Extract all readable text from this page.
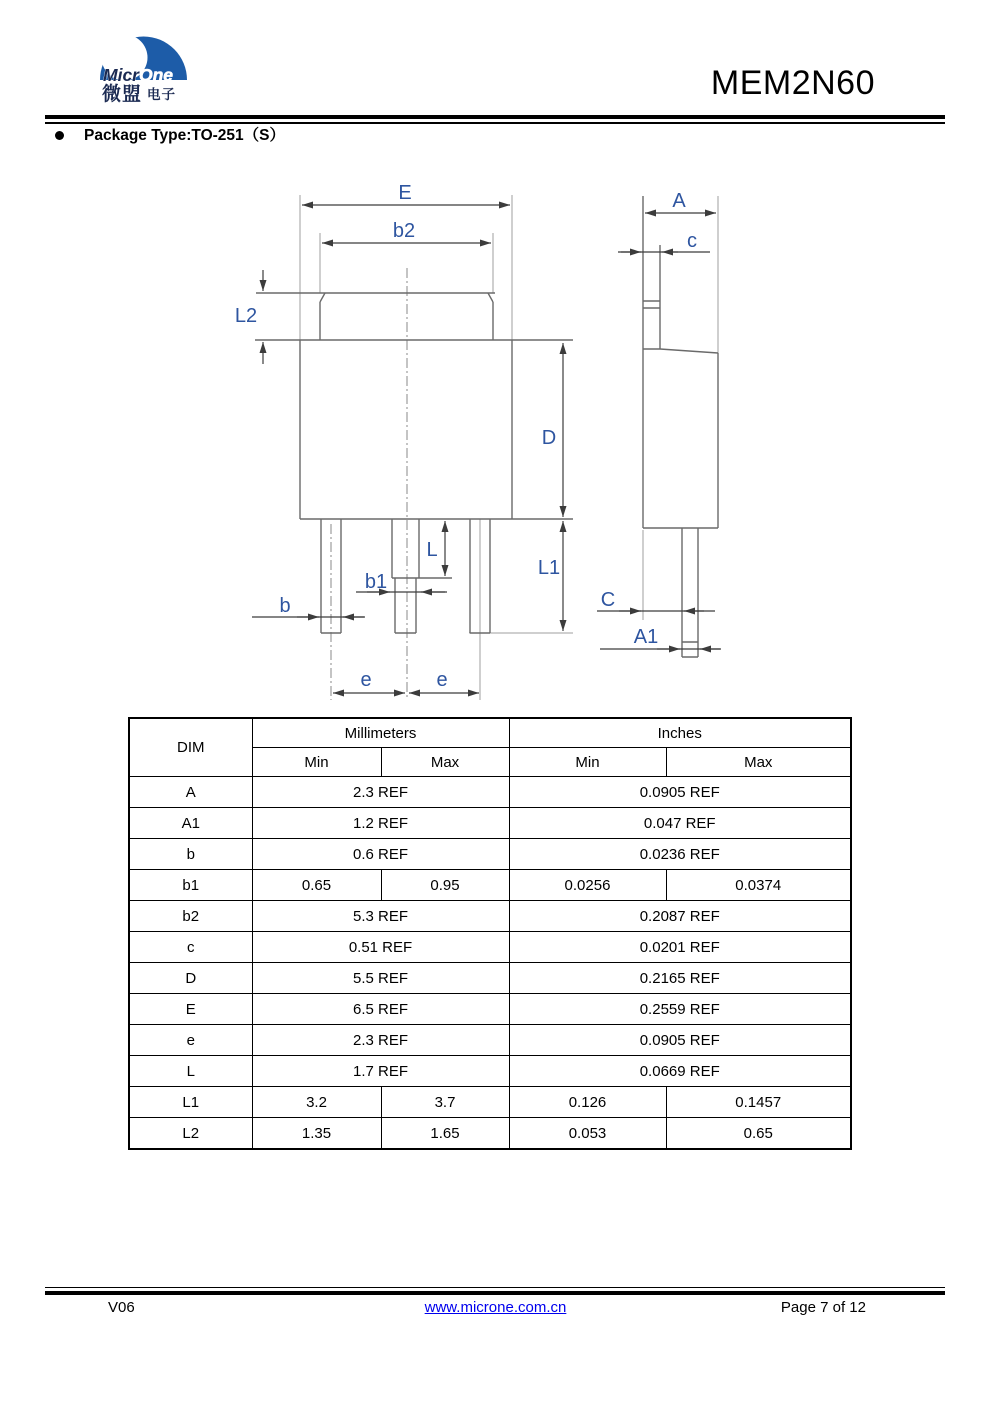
MicrOne
微盟 电子	MEM2N60
Package Type:TO-251（S）
E
b2
L2
D
L1
L
b1
b
e	e
A
c
C
A1
DIM	Millimeters		Inches	
	Min	Max	Min	Max
A	2.3 REF		0.0905 REF	
A1	1.2 REF		0.047 REF	
b	0.6 REF		0.0236 REF	
b1	0.65	0.95	0.0256	0.0374
b2	5.3 REF		0.2087 REF	
c	0.51 REF		0.0201 REF	
D	5.5 REF		0.2165 REF	
E	6.5 REF		0.2559 REF	
e	2.3 REF		0.0905 REF	
L	1.7 REF		0.0669 REF	
L1	3.2	3.7	0.126	0.1457
L2	1.35	1.65	0.053	0.65
V06	www.microne.com.cn	Page 7 of 12
